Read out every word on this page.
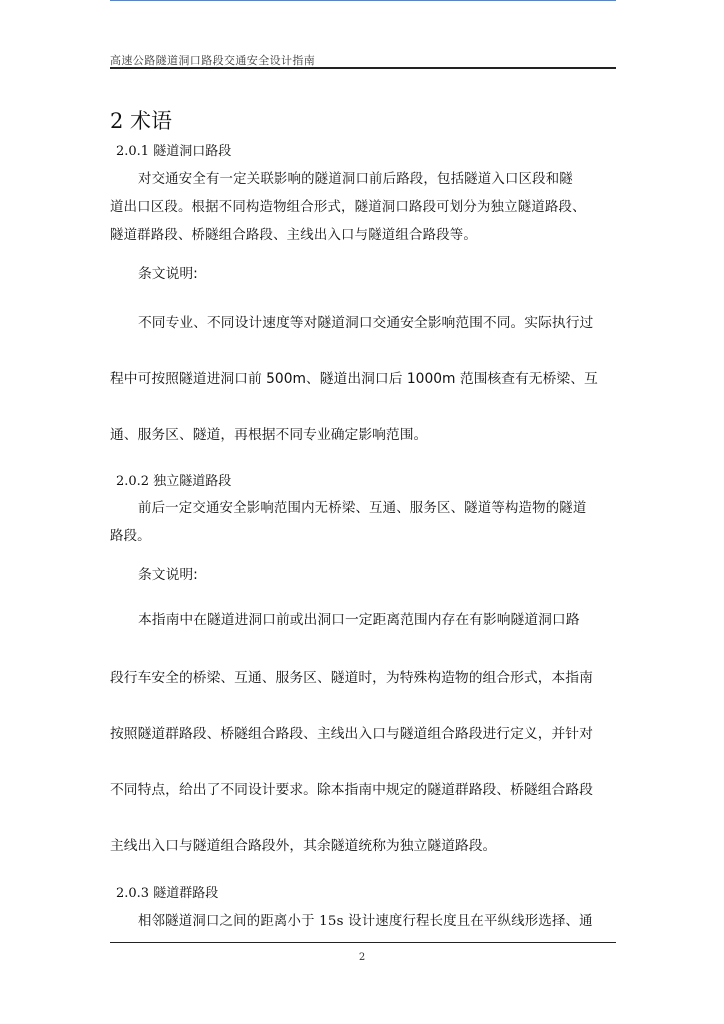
高速公路隧道洞口路段交通安全设计指南
2 术语
2.0.1 隧道洞口路段
对交通安全有一定关联影响的隧道洞口前后路段，包括隧道入口区段和隧
道出口区段。根据不同构造物组合形式，隧道洞口路段可划分为独立隧道路段、
隧道群路段、桥隧组合路段、主线出入口与隧道组合路段等。
条文说明:
不同专业、不同设计速度等对隧道洞口交通安全影响范围不同。实际执行过
程中可按照隧道进洞口前 500m、隧道出洞口后 1000m 范围核查有无桥梁、互
通、服务区、隧道，再根据不同专业确定影响范围。
2.0.2 独立隧道路段
前后一定交通安全影响范围内无桥梁、互通、服务区、隧道等构造物的隧道
路段。
条文说明:
本指南中在隧道进洞口前或出洞口一定距离范围内存在有影响隧道洞口路
段行车安全的桥梁、互通、服务区、隧道时，为特殊构造物的组合形式，本指南
按照隧道群路段、桥隧组合路段、主线出入口与隧道组合路段进行定义，并针对
不同特点，给出了不同设计要求。除本指南中规定的隧道群路段、桥隧组合路段
主线出入口与隧道组合路段外，其余隧道统称为独立隧道路段。
2.0.3 隧道群路段
相邻隧道洞口之间的距离小于 15s 设计速度行程长度且在平纵线形选择、通
2
